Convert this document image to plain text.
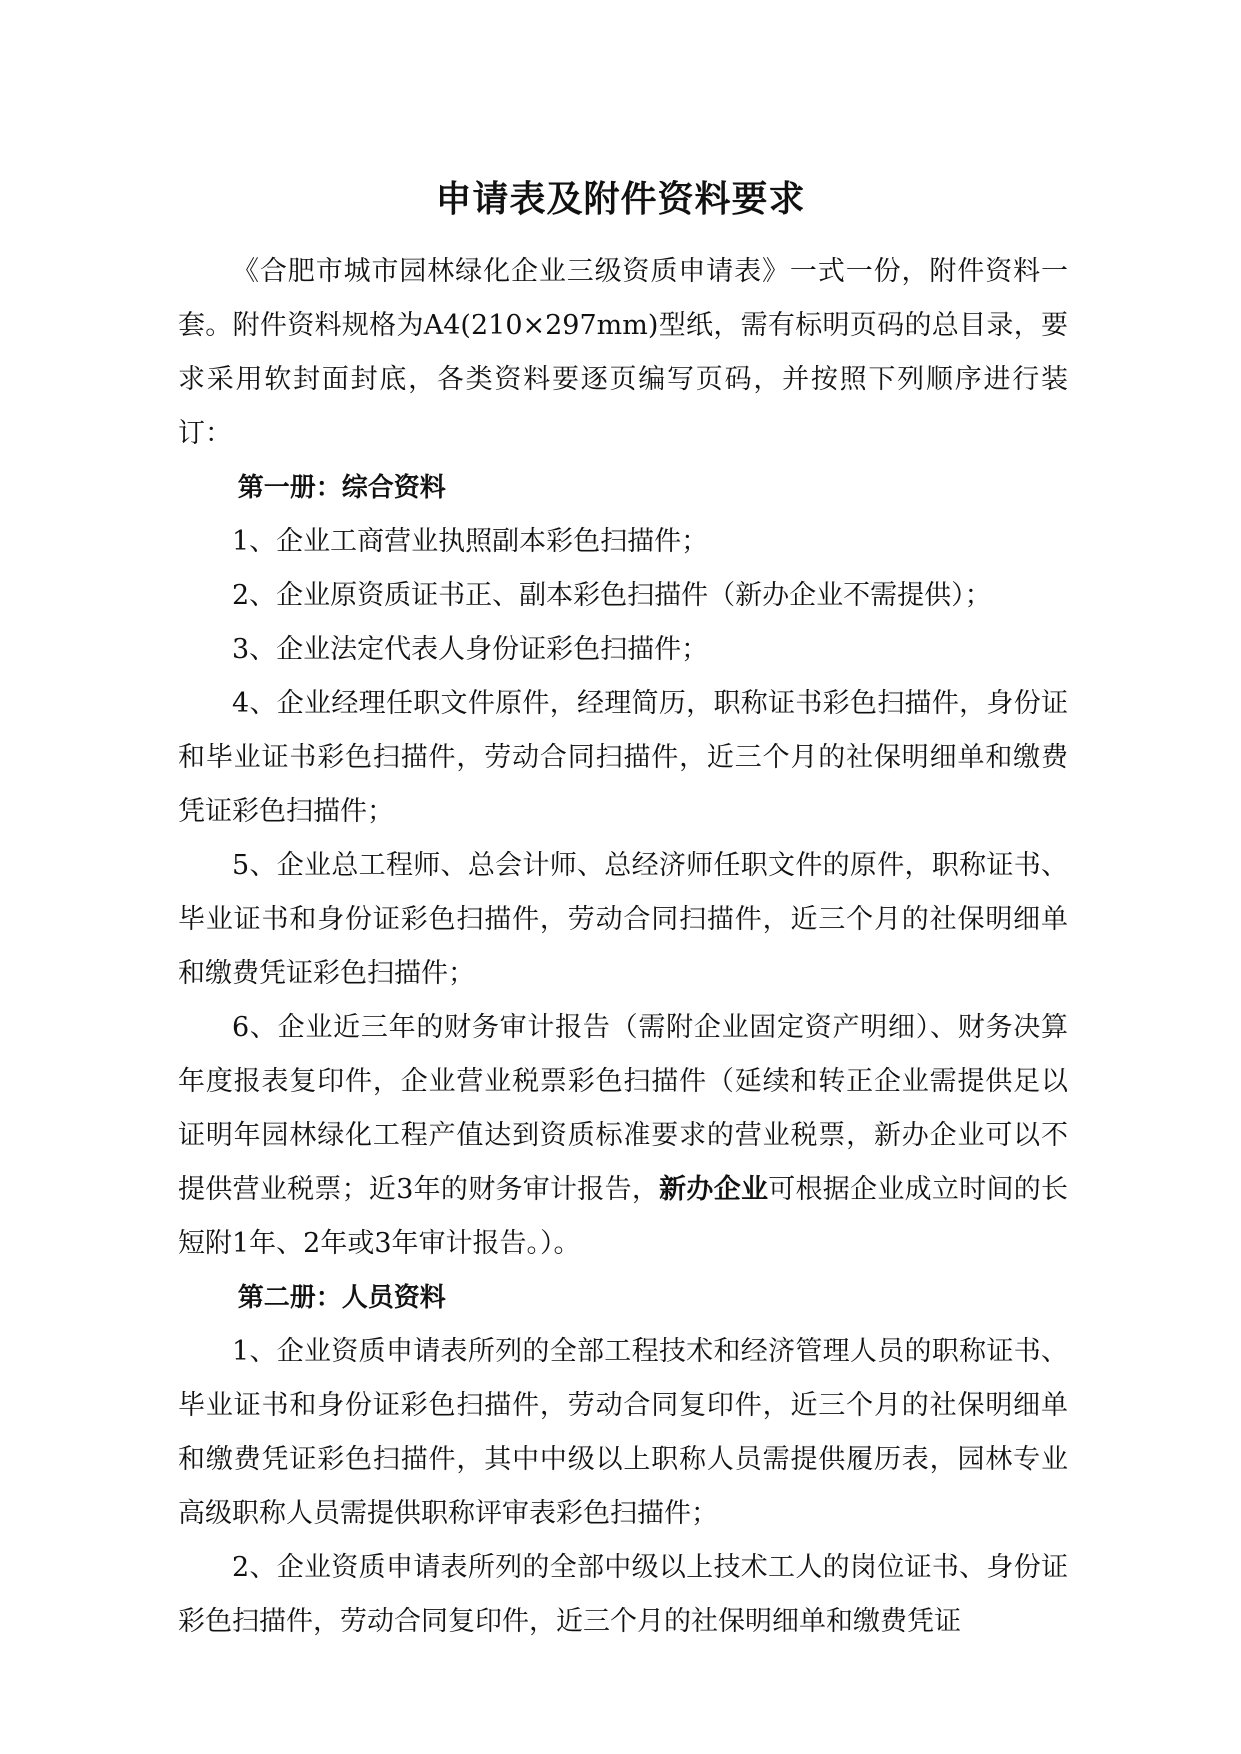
申请表及附件资料要求

《合肥市城市园林绿化企业三级资质申请表》一式一份，附件资料一套。附件资料规格为A4(210×297mm)型纸，需有标明页码的总目录，要求采用软封面封底，各类资料要逐页编写页码，并按照下列顺序进行装订：

第一册：综合资料

1、企业工商营业执照副本彩色扫描件；

2、企业原资质证书正、副本彩色扫描件（新办企业不需提供）；

3、企业法定代表人身份证彩色扫描件；

4、企业经理任职文件原件，经理简历，职称证书彩色扫描件，身份证和毕业证书彩色扫描件，劳动合同扫描件，近三个月的社保明细单和缴费凭证彩色扫描件；

5、企业总工程师、总会计师、总经济师任职文件的原件，职称证书、毕业证书和身份证彩色扫描件，劳动合同扫描件，近三个月的社保明细单和缴费凭证彩色扫描件；

6、企业近三年的财务审计报告（需附企业固定资产明细）、财务决算年度报表复印件，企业营业税票彩色扫描件（延续和转正企业需提供足以证明年园林绿化工程产值达到资质标准要求的营业税票，新办企业可以不提供营业税票；近3年的财务审计报告，新办企业可根据企业成立时间的长短附1年、2年或3年审计报告。）。

第二册：人员资料

1、企业资质申请表所列的全部工程技术和经济管理人员的职称证书、毕业证书和身份证彩色扫描件，劳动合同复印件，近三个月的社保明细单和缴费凭证彩色扫描件，其中中级以上职称人员需提供履历表，园林专业高级职称人员需提供职称评审表彩色扫描件；

2、企业资质申请表所列的全部中级以上技术工人的岗位证书、身份证彩色扫描件，劳动合同复印件，近三个月的社保明细单和缴费凭证
